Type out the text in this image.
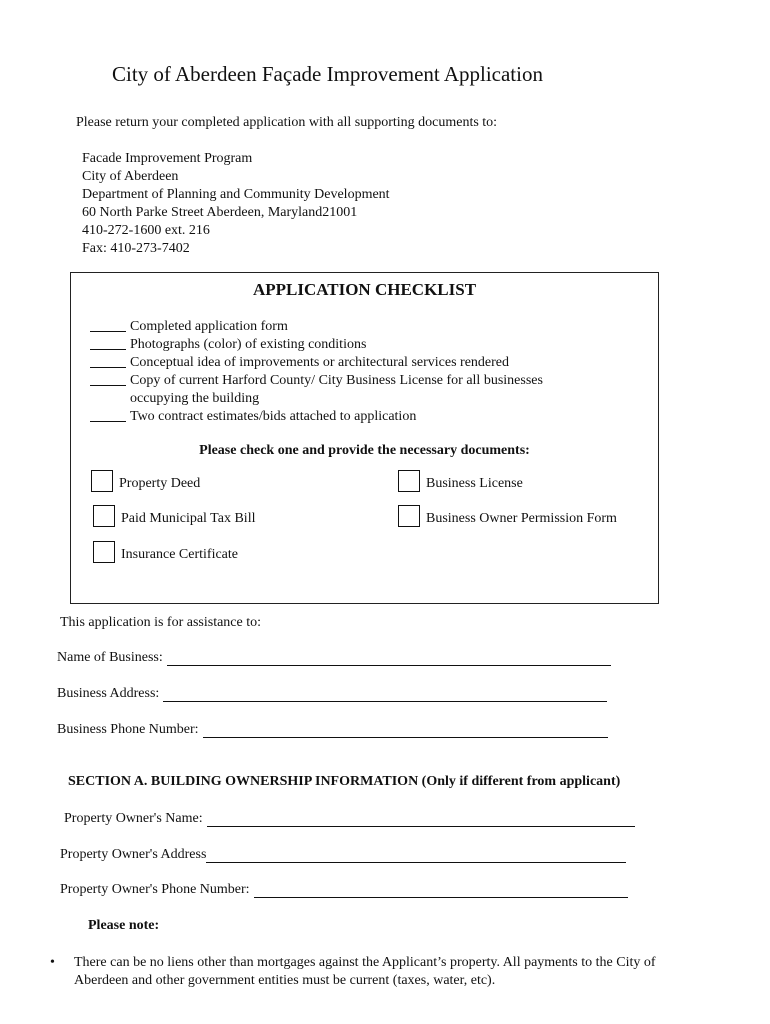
City of Aberdeen Façade Improvement Application
Please return your completed application with all supporting documents to:
Facade Improvement Program
City of Aberdeen
Department of Planning and Community Development
60 North Parke Street Aberdeen, Maryland21001
410-272-1600 ext. 216
Fax: 410-273-7402
APPLICATION CHECKLIST
Completed application form
Photographs (color) of existing conditions
Conceptual idea of improvements or architectural services rendered
Copy of current Harford County/ City Business License for all businesses
occupying the building
Two contract estimates/bids attached to application
Please check one and provide the necessary documents:
Property Deed	Business License
Paid Municipal Tax Bill	Business Owner Permission Form
Insurance Certificate
This application is for assistance to:
Name of Business:
Business Address:
Business Phone Number:
SECTION A. BUILDING OWNERSHIP INFORMATION (Only if different from applicant)
Property Owner's Name:
Property Owner's Address
Property Owner's Phone Number:
Please note:
•	There can be no liens other than mortgages against the Applicant’s property. All payments to the City of Aberdeen and other government entities must be current (taxes, water, etc).
